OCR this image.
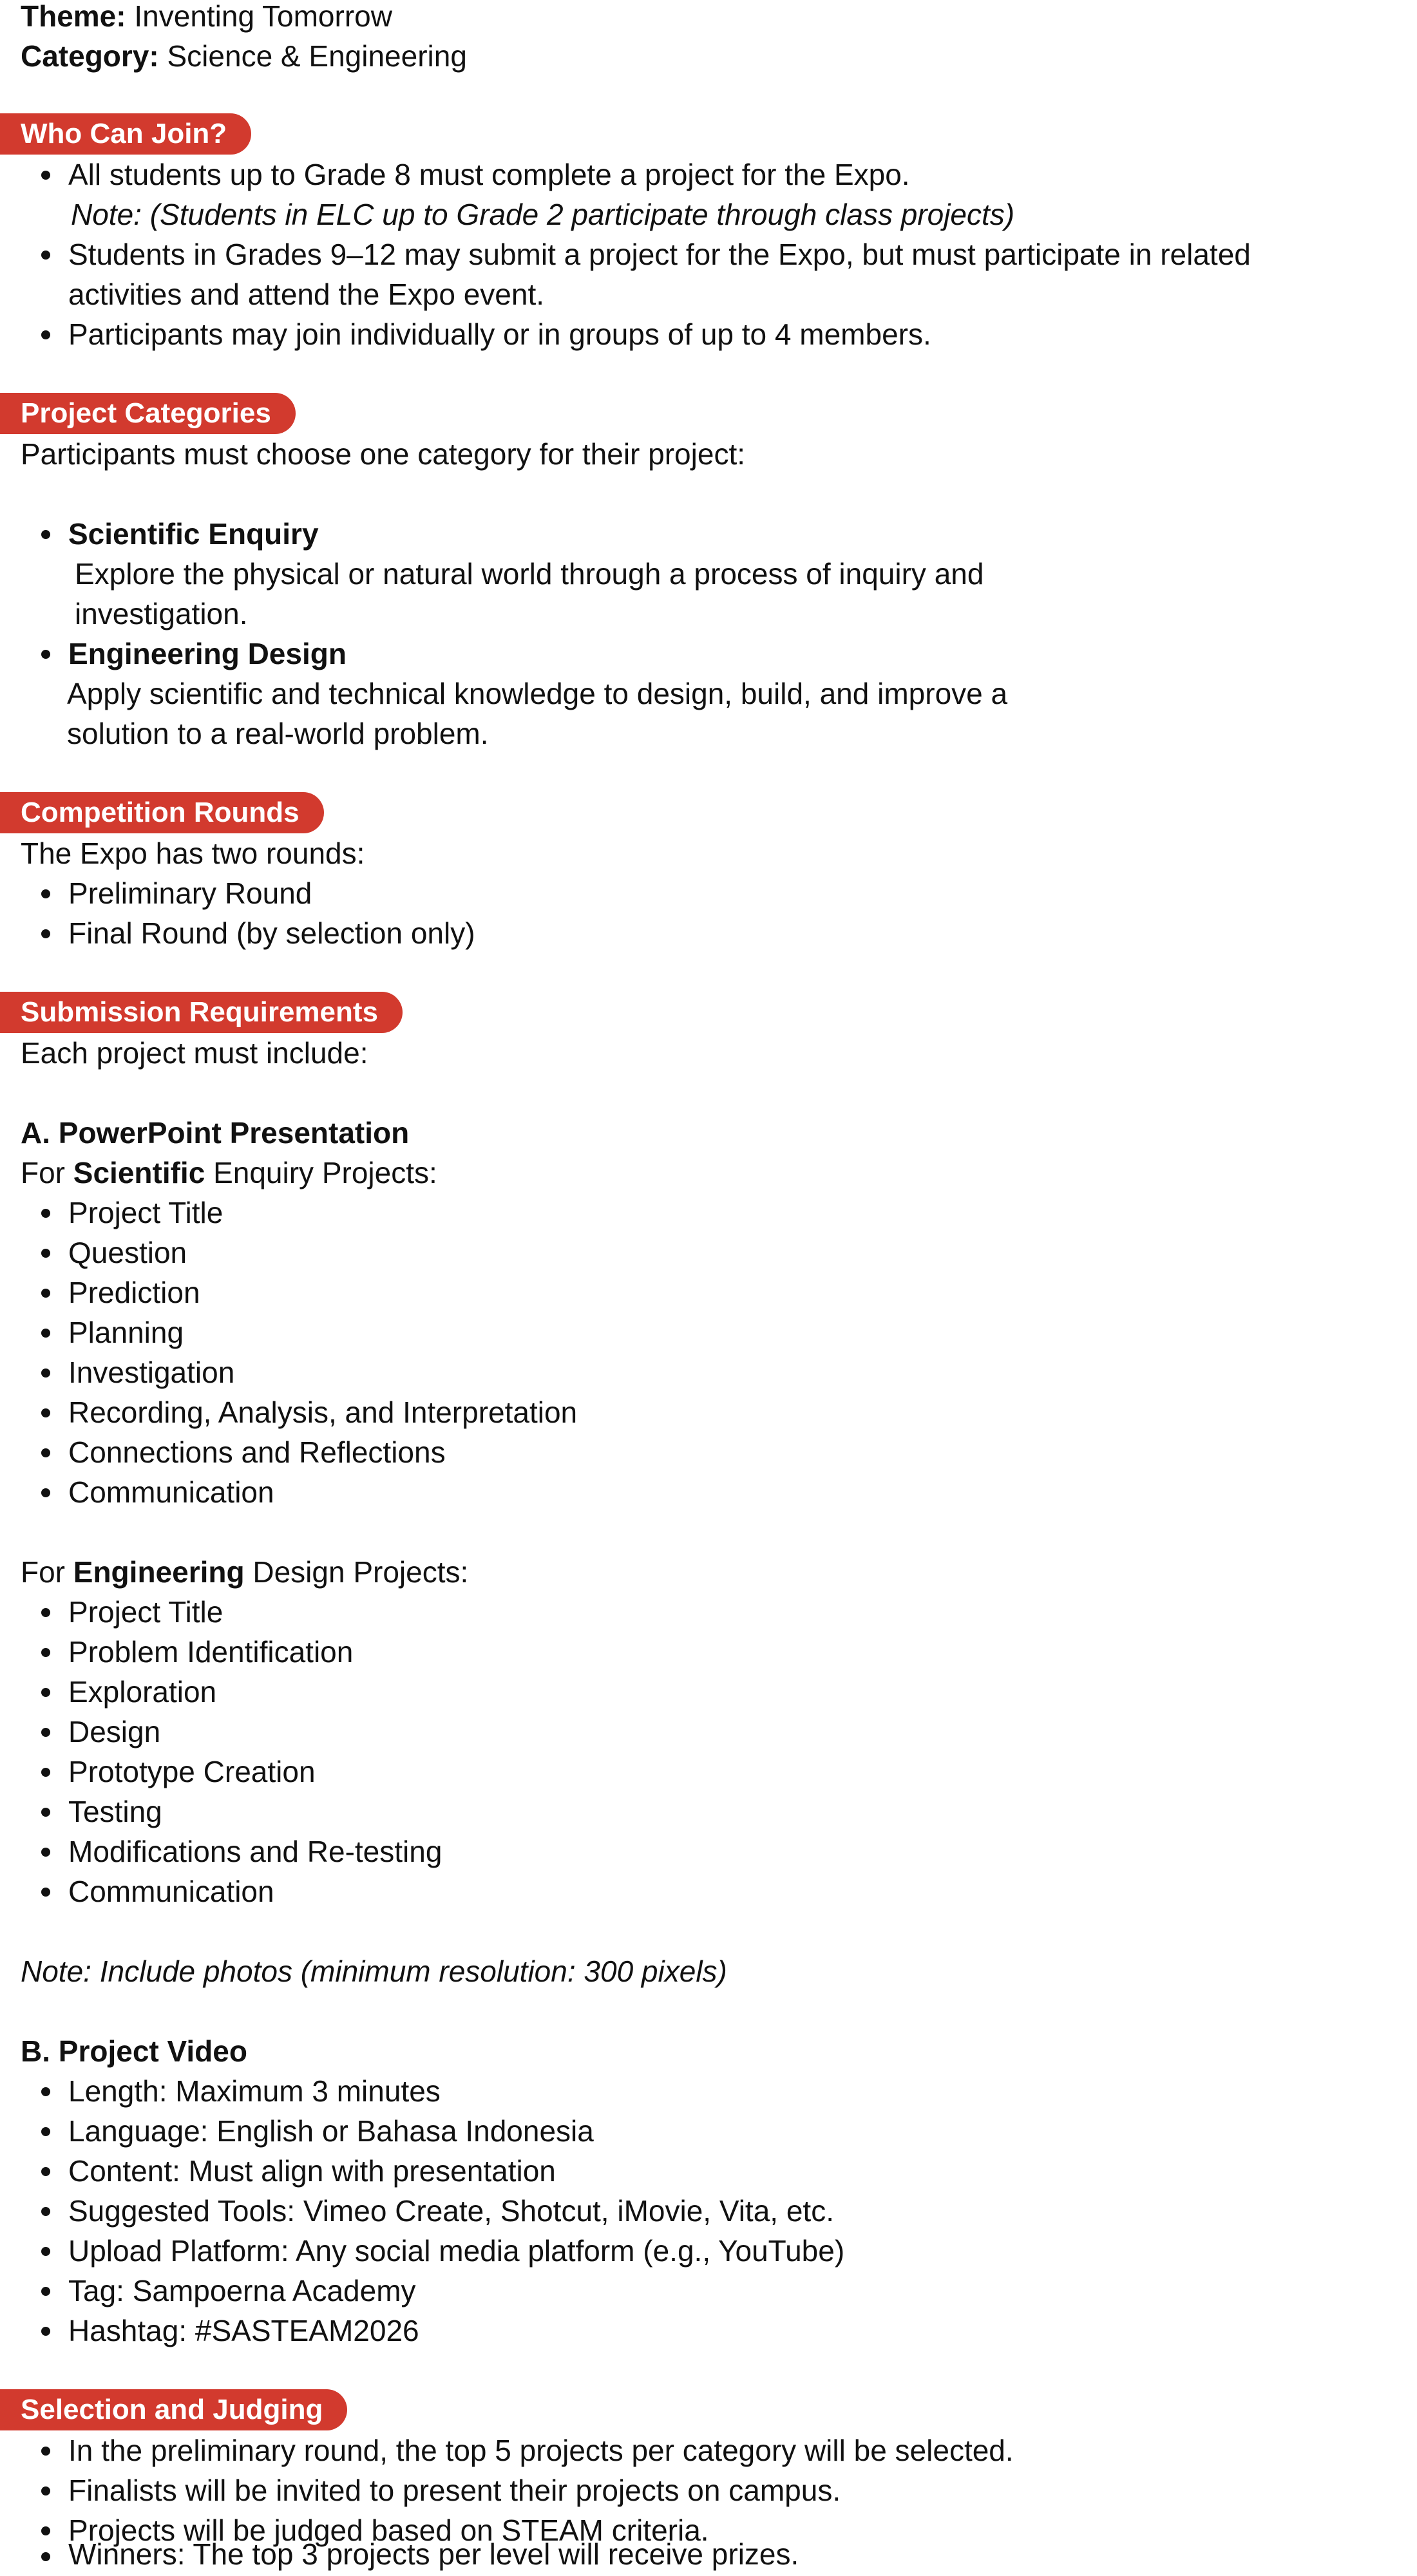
Theme: Inventing Tomorrow
Category: Science & Engineering
Who Can Join?
All students up to Grade 8 must complete a project for the Expo.
Note: (Students in ELC up to Grade 2 participate through class projects)
Students in Grades 9–12 may submit a project for the Expo, but must participate in related
activities and attend the Expo event.
Participants may join individually or in groups of up to 4 members.
Project Categories
Participants must choose one category for their project:
Scientific Enquiry
Explore the physical or natural world through a process of inquiry and
investigation.
Engineering Design
Apply scientific and technical knowledge to design, build, and improve a
solution to a real-world problem.
Competition Rounds
The Expo has two rounds:
Preliminary Round
Final Round (by selection only)
Submission Requirements
Each project must include:
A. PowerPoint Presentation
For Scientific Enquiry Projects:
Project Title
Question
Prediction
Planning
Investigation
Recording, Analysis, and Interpretation
Connections and Reflections
Communication
For Engineering Design Projects:
Project Title
Problem Identification
Exploration
Design
Prototype Creation
Testing
Modifications and Re-testing
Communication
Note: Include photos (minimum resolution: 300 pixels)
B. Project Video
Length: Maximum 3 minutes
Language: English or Bahasa Indonesia
Content: Must align with presentation
Suggested Tools: Vimeo Create, Shotcut, iMovie, Vita, etc.
Upload Platform: Any social media platform (e.g., YouTube)
Tag: Sampoerna Academy
Hashtag: #SASTEAM2026
Selection and Judging
In the preliminary round, the top 5 projects per category will be selected.
Finalists will be invited to present their projects on campus.
Projects will be judged based on STEAM criteria.
Winners: The top 3 projects per level will receive prizes.
